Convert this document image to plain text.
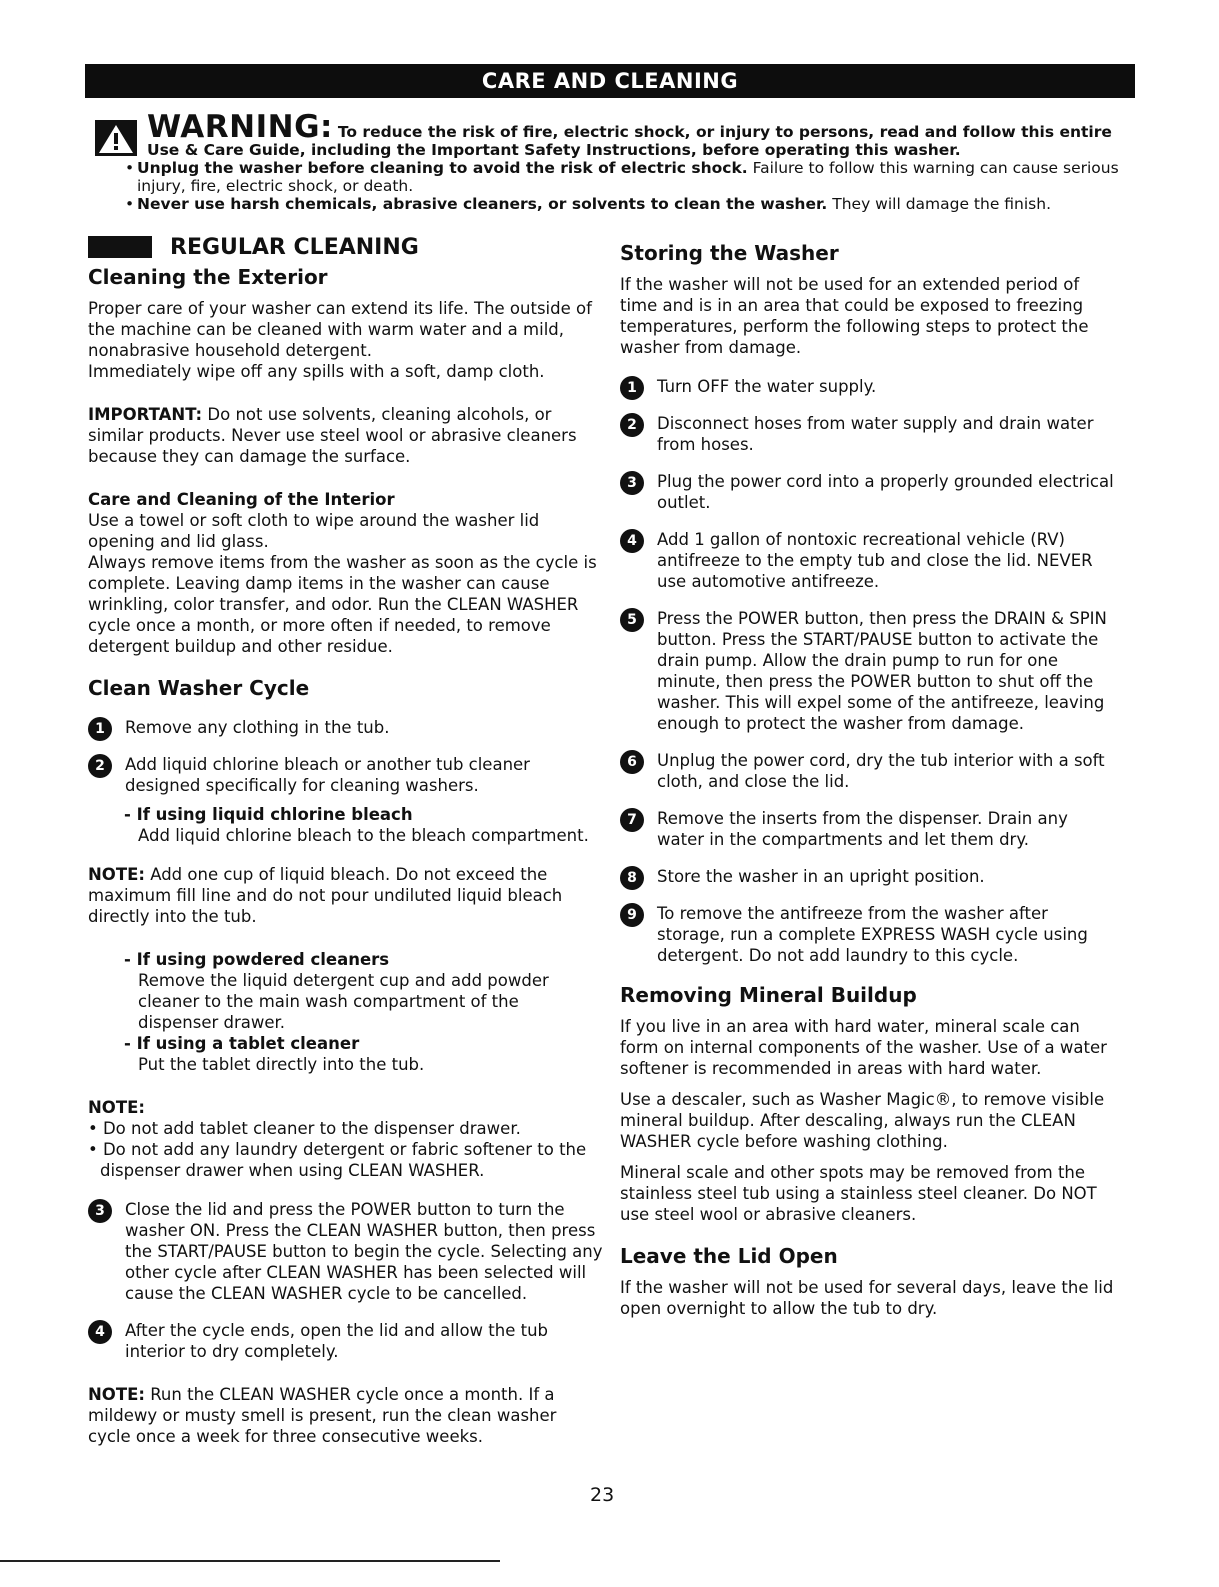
CARE AND CLEANING
WARNING: To reduce the risk of fire, electric shock, or injury to persons, read and follow this entire Use & Care Guide, including the Important Safety Instructions, before operating this washer.
• Unplug the washer before cleaning to avoid the risk of electric shock. Failure to follow this warning can cause serious injury, fire, electric shock, or death.
• Never use harsh chemicals, abrasive cleaners, or solvents to clean the washer. They will damage the finish.
REGULAR CLEANING
Cleaning the Exterior

Proper care of your washer can extend its life. The outside of the machine can be cleaned with warm water and a mild, nonabrasive household detergent.

Immediately wipe off any spills with a soft, damp cloth.

IMPORTANT: Do not use solvents, cleaning alcohols, or similar products. Never use steel wool or abrasive cleaners because they can damage the surface.

Care and Cleaning of the Interior

Use a towel or soft cloth to wipe around the washer lid opening and lid glass.

Always remove items from the washer as soon as the cycle is complete. Leaving damp items in the washer can cause wrinkling, color transfer, and odor. Run the CLEAN WASHER cycle once a month, or more often if needed, to remove detergent buildup and other residue.

Clean Washer Cycle
1	Remove any clothing in the tub.
2	Add liquid chlorine bleach or another tub cleaner designed specifically for cleaning washers.
- If using liquid chlorine bleach

Add liquid chlorine bleach to the bleach compartment.

NOTE: Add one cup of liquid bleach. Do not exceed the maximum fill line and do not pour undiluted liquid bleach directly into the tub.

- If using powdered cleaners

Remove the liquid detergent cup and add powder cleaner to the main wash compartment of the dispenser drawer.

- If using a tablet cleaner

Put the tablet directly into the tub.

NOTE:

• Do not add tablet cleaner to the dispenser drawer.
• Do not add any laundry detergent or fabric softener to the dispenser drawer when using CLEAN WASHER.
3	Close the lid and press the POWER button to turn the washer ON. Press the CLEAN WASHER button, then press the START/PAUSE button to begin the cycle. Selecting any other cycle after CLEAN WASHER has been selected will cause the CLEAN WASHER cycle to be cancelled.
4	After the cycle ends, open the lid and allow the tub interior to dry completely.

NOTE: Run the CLEAN WASHER cycle once a month. If a mildewy or musty smell is present, run the clean washer cycle once a week for three consecutive weeks.

Storing the Washer

If the washer will not be used for an extended period of time and is in an area that could be exposed to freezing temperatures, perform the following steps to protect the washer from damage.

1	Turn OFF the water supply.
2	Disconnect hoses from water supply and drain water from hoses.
3	Plug the power cord into a properly grounded electrical outlet.
4	Add 1 gallon of nontoxic recreational vehicle (RV) antifreeze to the empty tub and close the lid. NEVER use automotive antifreeze.
5	Press the POWER button, then press the DRAIN & SPIN button. Press the START/PAUSE button to activate the drain pump. Allow the drain pump to run for one minute, then press the POWER button to shut off the washer. This will expel some of the antifreeze, leaving enough to protect the washer from damage.
6	Unplug the power cord, dry the tub interior with a soft cloth, and close the lid.
7	Remove the inserts from the dispenser. Drain any water in the compartments and let them dry.
8	Store the washer in an upright position.
9	To remove the antifreeze from the washer after storage, run a complete EXPRESS WASH cycle using detergent. Do not add laundry to this cycle.
Removing Mineral Buildup

If you live in an area with hard water, mineral scale can form on internal components of the washer. Use of a water softener is recommended in areas with hard water.

Use a descaler, such as Washer Magic®, to remove visible mineral buildup. After descaling, always run the CLEAN WASHER cycle before washing clothing.

Mineral scale and other spots may be removed from the stainless steel tub using a stainless steel cleaner. Do NOT use steel wool or abrasive cleaners.

Leave the Lid Open

If the washer will not be used for several days, leave the lid open overnight to allow the tub to dry.

23
